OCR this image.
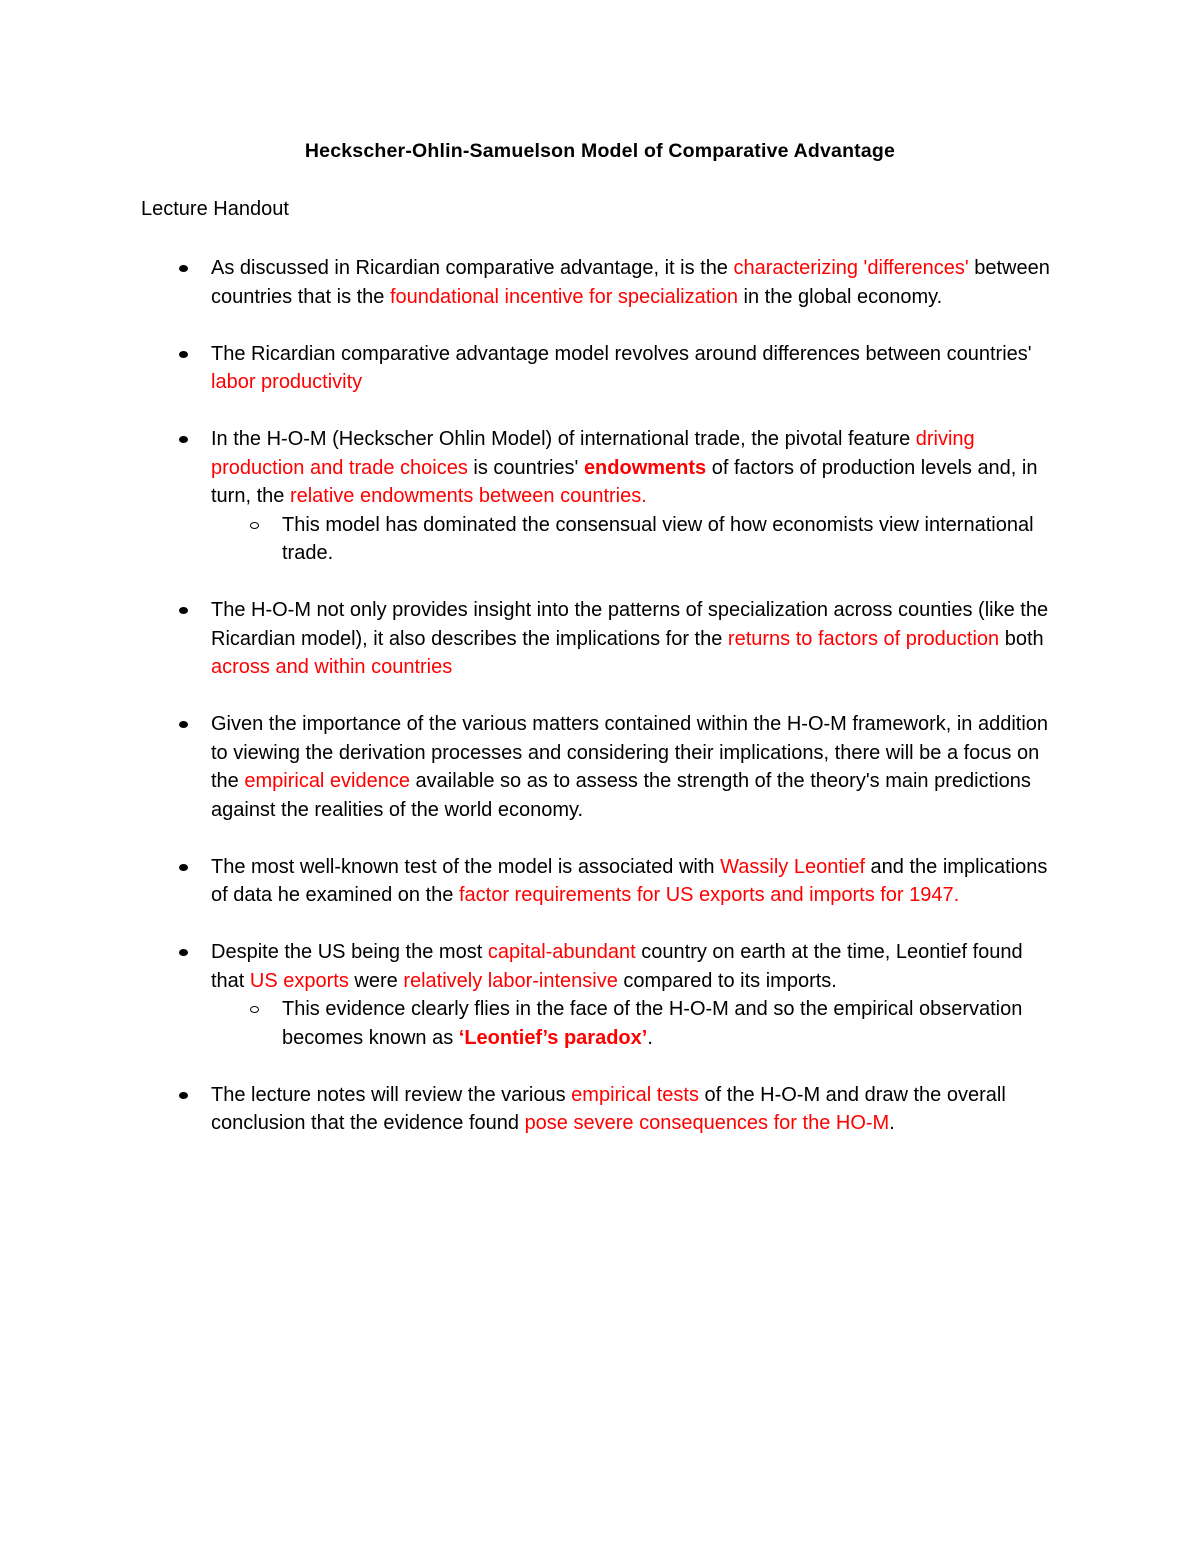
Heckscher-Ohlin-Samuelson Model of Comparative Advantage

Lecture Handout

As discussed in Ricardian comparative advantage, it is the characterizing 'differences' between countries that is the foundational incentive for specialization in the global economy.
The Ricardian comparative advantage model revolves around differences between countries' labor productivity
In the H-O-M (Heckscher Ohlin Model) of international trade, the pivotal feature driving production and trade choices is countries' endowments of factors of production levels and, in turn, the relative endowments between countries.
This model has dominated the consensual view of how economists view international trade.
The H-O-M not only provides insight into the patterns of specialization across counties (like the Ricardian model), it also describes the implications for the returns to factors of production both across and within countries
Given the importance of the various matters contained within the H-O-M framework, in addition to viewing the derivation processes and considering their implications, there will be a focus on the empirical evidence available so as to assess the strength of the theory's main predictions against the realities of the world economy.
The most well-known test of the model is associated with Wassily Leontief and the implications of data he examined on the factor requirements for US exports and imports for 1947.
Despite the US being the most capital-abundant country on earth at the time, Leontief found that US exports were relatively labor-intensive compared to its imports.
This evidence clearly flies in the face of the H-O-M and so the empirical observation becomes known as ‘Leontief’s paradox’.
The lecture notes will review the various empirical tests of the H-O-M and draw the overall conclusion that the evidence found pose severe consequences for the HO-M.
